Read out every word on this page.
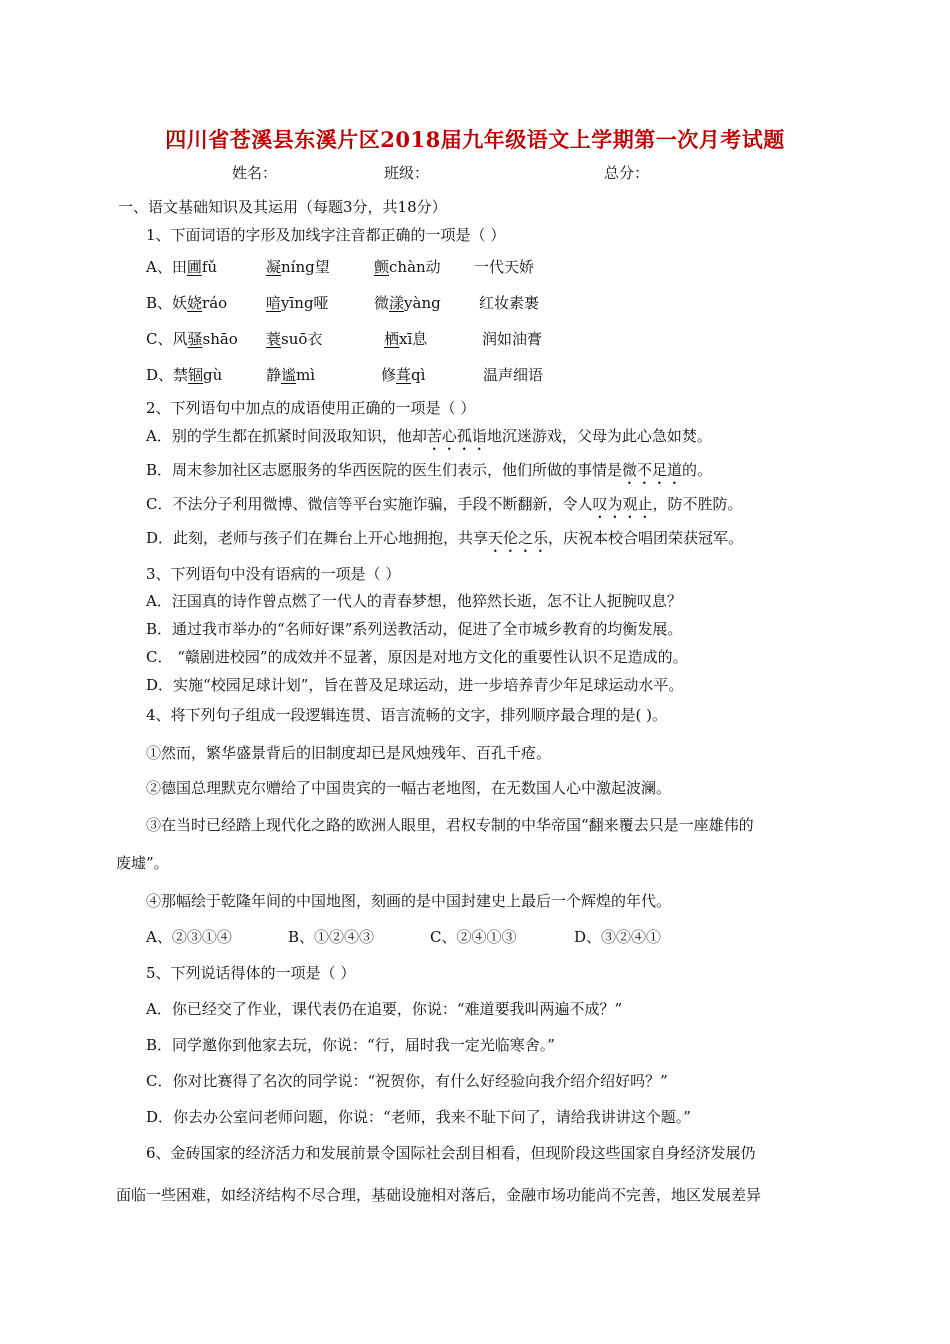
四川省苍溪县东溪片区2018届九年级语文上学期第一次月考试题
姓名：	班级：	总分：
一、语文基础知识及其运用（每题3分，共18分）
1、下面词语的字形及加线字注音都正确的一项是（ ）
A、田圃fǔ	凝níng望	颤chàn动 一代天娇
B、妖娆ráo	喑yīng哑	微漾yàng	红妆素裹
C、风骚shāo 蓑suō衣	栖xī息	润如油膏
D、禁锢gù	静谧mì	修葺qì	温声细语
2、下列语句中加点的成语使用正确的一项是（ ）
A．别的学生都在抓紧时间汲取知识，他却苦心孤诣地沉迷游戏，父母为此心急如焚。
B．周末参加社区志愿服务的华西医院的医生们表示，他们所做的事情是微不足道的。
C．不法分子利用微博、微信等平台实施诈骗，手段不断翻新，令人叹为观止，防不胜防。
D．此刻，老师与孩子们在舞台上开心地拥抱，共享天伦之乐，庆祝本校合唱团荣获冠军。
3、下列语句中没有语病的一项是（ ）
A．汪国真的诗作曾点燃了一代人的青春梦想，他猝然长逝，怎不让人扼腕叹息？
B．通过我市举办的“名师好课”系列送教活动，促进了全市城乡教育的均衡发展。
C． “赣剧进校园”的成效并不显著，原因是对地方文化的重要性认识不足造成的。
D．实施“校园足球计划”，旨在普及足球运动，进一步培养青少年足球运动水平。
4、将下列句子组成一段逻辑连贯、语言流畅的文字，排列顺序最合理的是( )。
①然而，繁华盛景背后的旧制度却已是风烛残年、百孔千疮。
②德国总理默克尔赠给了中国贵宾的一幅古老地图，在无数国人心中激起波澜。
③在当时已经踏上现代化之路的欧洲人眼里，君权专制的中华帝国“翻来覆去只是一座雄伟的
废墟”。
④那幅绘于乾隆年间的中国地图，刻画的是中国封建史上最后一个辉煌的年代。
A、②③①④	B、①②④③	C、②④①③	D、③②④①
5、下列说话得体的一项是（ ）
A．你已经交了作业，课代表仍在追要，你说：“难道要我叫两遍不成？”
B．同学邀你到他家去玩，你说：“行，届时我一定光临寒舍。”
C．你对比赛得了名次的同学说：“祝贺你，有什么好经验向我介绍介绍好吗？”
D．你去办公室问老师问题，你说：“老师，我来不耻下问了，请给我讲讲这个题。”
6、金砖国家的经济活力和发展前景令国际社会刮目相看，但现阶段这些国家自身经济发展仍
面临一些困难，如经济结构不尽合理，基础设施相对落后，金融市场功能尚不完善，地区发展差异
